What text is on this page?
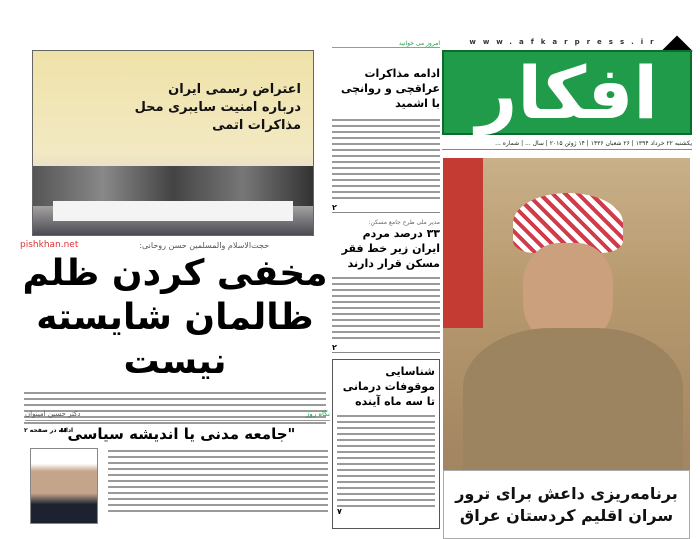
www.afkarpress.ir
افکار
یکشنبه ۲۲ خرداد ۱۳۹۴ | ۲۶ شعبان ۱۴۳۶ | ۱۴ ژوئن ۲۰۱۵ | سال ... | شماره ...
برنامه‌ریزی داعش برای ترور سران اقلیم کردستان عراق
اعتراض رسمی ایران درباره امنیت سایبری محل مذاکرات اتمی
حجت‌الاسلام والمسلمین حسن روحانی:
pishkhan.net
مخفی کردن ظلم ظالمان شایسته نیست
ادامه در صفحه ۲
نگاه روز
دکتر حسین امینوان
"جامعه مدنی یا اندیشه سیاسی"
امروز می خوانید
ادامه مذاکرات عراقچی و روانچی با اشمید
۲
مدیر ملی طرح جامع مسکن:
۳۳ درصد مردم ایران زیر خط فقر مسکن قرار دارند
۲
شناسایی موقوفات درمانی تا سه ماه آینده
۷
